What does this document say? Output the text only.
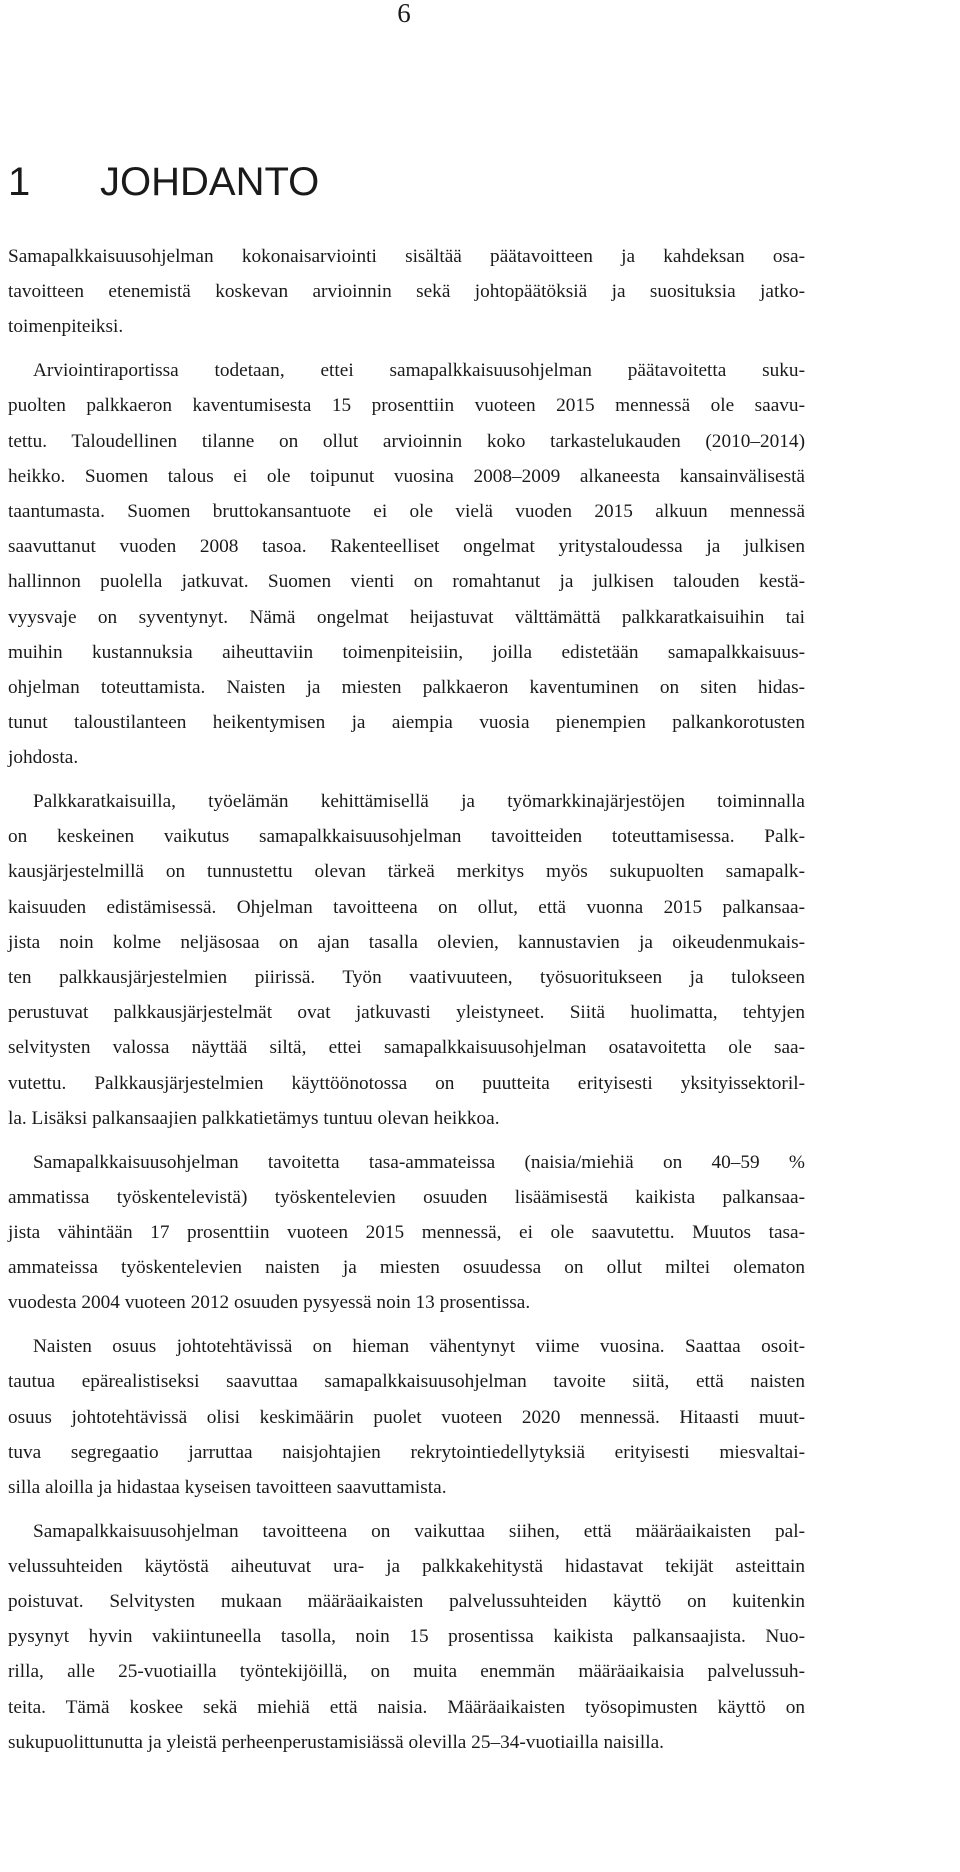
6
1 JOHDANTO

Samapalkkaisuusohjelman kokonaisarviointi sisältää päätavoitteen ja kahdeksan osa-
tavoitteen etenemistä koskevan arvioinnin sekä johtopäätöksiä ja suosituksia jatko-
toimenpiteiksi.

Arviointiraportissa todetaan, ettei samapalkkaisuusohjelman päätavoitetta suku-
puolten palkkaeron kaventumisesta 15 prosenttiin vuoteen 2015 mennessä ole saavu-
tettu. Taloudellinen tilanne on ollut arvioinnin koko tarkastelukauden (2010–2014)
heikko. Suomen talous ei ole toipunut vuosina 2008–2009 alkaneesta kansainvälisestä
taantumasta. Suomen bruttokansantuote ei ole vielä vuoden 2015 alkuun mennessä
saavuttanut vuoden 2008 tasoa. Rakenteelliset ongelmat yritystaloudessa ja julkisen
hallinnon puolella jatkuvat. Suomen vienti on romahtanut ja julkisen talouden kestä-
vyysvaje on syventynyt. Nämä ongelmat heijastuvat välttämättä palkkaratkaisuihin tai
muihin kustannuksia aiheuttaviin toimenpiteisiin, joilla edistetään samapalkkaisuus-
ohjelman toteuttamista. Naisten ja miesten palkkaeron kaventuminen on siten hidas-
tunut taloustilanteen heikentymisen ja aiempia vuosia pienempien palkankorotusten
johdosta.

Palkkaratkaisuilla, työelämän kehittämisellä ja työmarkkinajärjestöjen toiminnalla
on keskeinen vaikutus samapalkkaisuusohjelman tavoitteiden toteuttamisessa. Palk-
kausjärjestelmillä on tunnustettu olevan tärkeä merkitys myös sukupuolten samapalk-
kaisuuden edistämisessä. Ohjelman tavoitteena on ollut, että vuonna 2015 palkansaa-
jista noin kolme neljäsosaa on ajan tasalla olevien, kannustavien ja oikeudenmukais-
ten palkkausjärjestelmien piirissä. Työn vaativuuteen, työsuoritukseen ja tulokseen
perustuvat palkkausjärjestelmät ovat jatkuvasti yleistyneet. Siitä huolimatta, tehtyjen
selvitysten valossa näyttää siltä, ettei samapalkkaisuusohjelman osatavoitetta ole saa-
vutettu. Palkkausjärjestelmien käyttöönotossa on puutteita erityisesti yksityissektoril-
la. Lisäksi palkansaajien palkkatietämys tuntuu olevan heikkoa.

Samapalkkaisuusohjelman tavoitetta tasa-ammateissa (naisia/miehiä on 40–59 %
ammatissa työskentelevistä) työskentelevien osuuden lisäämisestä kaikista palkansaa-
jista vähintään 17 prosenttiin vuoteen 2015 mennessä, ei ole saavutettu. Muutos tasa-
ammateissa työskentelevien naisten ja miesten osuudessa on ollut miltei olematon
vuodesta 2004 vuoteen 2012 osuuden pysyessä noin 13 prosentissa.

Naisten osuus johtotehtävissä on hieman vähentynyt viime vuosina. Saattaa osoit-
tautua epärealistiseksi saavuttaa samapalkkaisuusohjelman tavoite siitä, että naisten
osuus johtotehtävissä olisi keskimäärin puolet vuoteen 2020 mennessä. Hitaasti muut-
tuva segregaatio jarruttaa naisjohtajien rekrytointiedellytyksiä erityisesti miesvaltai-
silla aloilla ja hidastaa kyseisen tavoitteen saavuttamista.

Samapalkkaisuusohjelman tavoitteena on vaikuttaa siihen, että määräaikaisten pal-
velussuhteiden käytöstä aiheutuvat ura- ja palkkakehitystä hidastavat tekijät asteittain
poistuvat. Selvitysten mukaan määräaikaisten palvelussuhteiden käyttö on kuitenkin
pysynyt hyvin vakiintuneella tasolla, noin 15 prosentissa kaikista palkansaajista. Nuo-
rilla, alle 25-vuotiailla työntekijöillä, on muita enemmän määräaikaisia palvelussuh-
teita. Tämä koskee sekä miehiä että naisia. Määräaikaisten työsopimusten käyttö on
sukupuolittunutta ja yleistä perheenperustamisiässä olevilla 25–34-vuotiailla naisilla.
